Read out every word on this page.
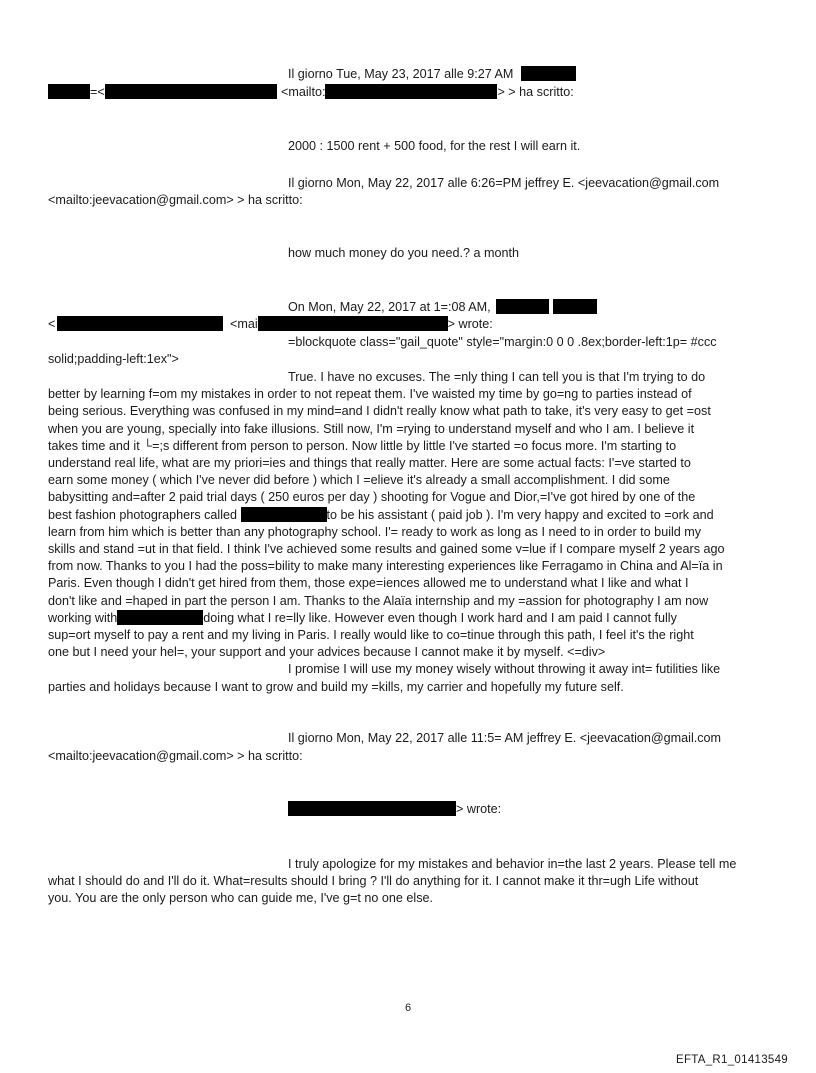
Il giorno Tue, May 23, 2017 alle 9:27 AM
=<	<mailto:	> > ha scritto:
2000 : 1500 rent + 500 food, for the rest I will earn it.
Il giorno Mon, May 22, 2017 alle 6:26=PM jeffrey E. <jeevacation@gmail.com
<mailto:jeevacation@gmail.com> > ha scritto:
how much money do you need.? a month
On Mon, May 22, 2017 at 1=:08 AM,
<	<mai	> wrote:
=blockquote class="gail_quote" style="margin:0 0 0 .8ex;border-left:1p= #ccc
solid;padding-left:1ex">
True. I have no excuses. The =nly thing I can tell you is that I'm trying to do
better by learning f=om my mistakes in order to not repeat them. I've waisted my time by go=ng to parties instead of
being serious. Everything was confused in my mind=and I didn't really know what path to take, it's very easy to get =ost
when you are young, specially into fake illusions. Still now, I'm =rying to understand myself and who I am. I believe it
takes time and it └=;s different from person to person. Now little by little I've started =o focus more. I'm starting to
understand real life, what are my priori=ies and things that really matter. Here are some actual facts: I'=ve started to
earn some money ( which I've never did before ) which I =elieve it's already a small accomplishment. I did some
babysitting and=after 2 paid trial days ( 250 euros per day ) shooting for Vogue and Dior,=I've got hired by one of the
best fashion photographers called	to be his assistant ( paid job ). I'm very happy and excited to =ork and
learn from him which is better than any photography school. I'= ready to work as long as I need to in order to build my
skills and stand =ut in that field. I think I've achieved some results and gained some v=lue if I compare myself 2 years ago
from now. Thanks to you I had the poss=bility to make many interesting experiences like Ferragamo in China and Al=ïa in
Paris. Even though I didn't get hired from them, those expe=iences allowed me to understand what I like and what I
don't like and =haped in part the person I am. Thanks to the Alaïa internship and my =assion for photography I am now
working with	doing what I re=lly like. However even though I work hard and I am paid I cannot fully
sup=ort myself to pay a rent and my living in Paris. I really would like to co=tinue through this path, I feel it's the right
one but I need your hel=, your support and your advices because I cannot make it by myself. <=div>
I promise I will use my money wisely without throwing it away int= futilities like
parties and holidays because I want to grow and build my =kills, my carrier and hopefully my future self.
Il giorno Mon, May 22, 2017 alle 11:5= AM jeffrey E. <jeevacation@gmail.com
<mailto:jeevacation@gmail.com> > ha scritto:
> wrote:
I truly apologize for my mistakes and behavior in=the last 2 years. Please tell me
what I should do and I'll do it. What=results should I bring ? I'll do anything for it. I cannot make it thr=ugh Life without
you. You are the only person who can guide me, I've g=t no one else.
6
EFTA_R1_01413549
